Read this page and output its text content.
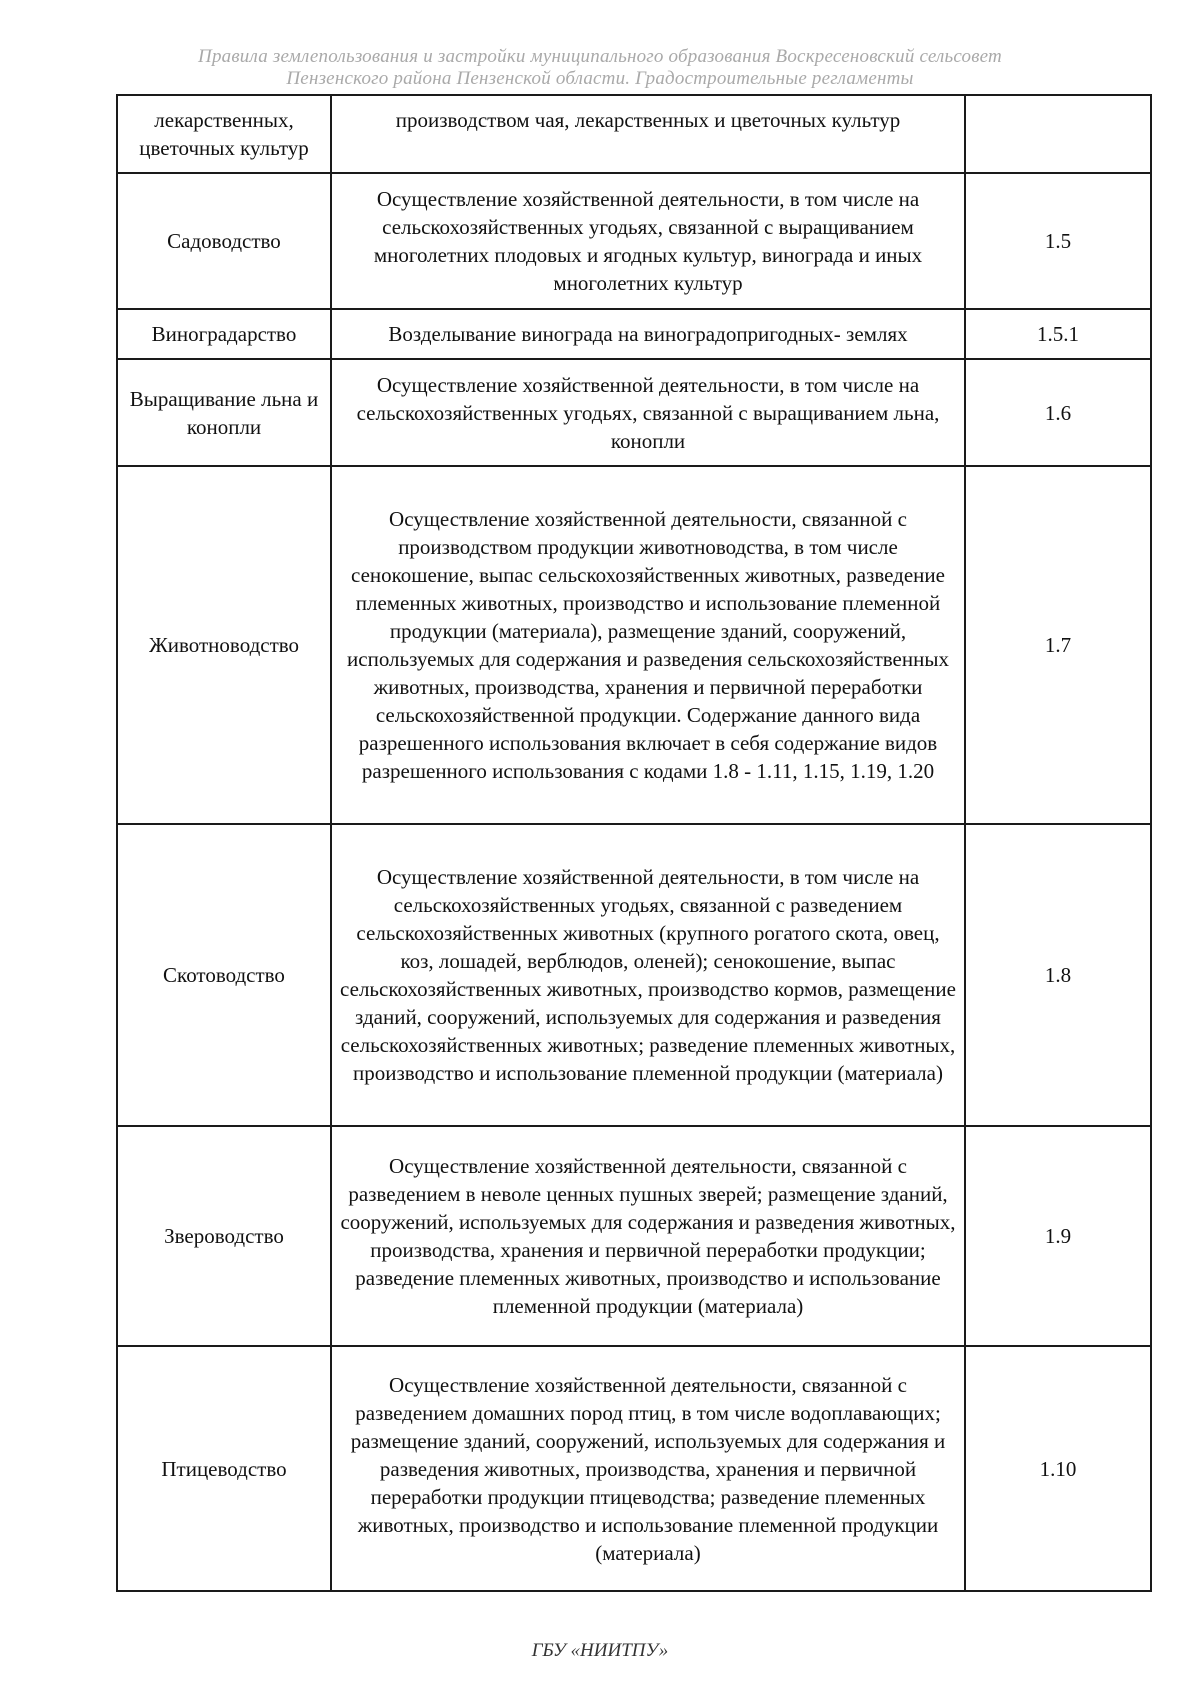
Правила землепользования и застройки муниципального образования Воскресеновский сельсовет
Пензенского района Пензенской области. Градостроительные регламенты
лекарственных, цветочных культур	производством чая, лекарственных и цветочных культур	
Садоводство	Осуществление хозяйственной деятельности, в том числе на сельскохозяйственных угодьях, связанной с выращиванием многолетних плодовых и ягодных культур, винограда и иных многолетних культур	1.5
Виноградарство	Возделывание винограда на виноградопригодных- землях	1.5.1
Выращивание льна и конопли	Осуществление хозяйственной деятельности, в том числе на сельскохозяйственных угодьях, связанной с выращиванием льна, конопли	1.6
Животноводство	Осуществление хозяйственной деятельности, связанной с производством продукции животноводства, в том числе сенокошение, выпас сельскохозяйственных животных, разведение племенных животных, производство и использование племенной продукции (материала), размещение зданий, сооружений, используемых для содержания и разведения сельскохозяйственных животных, производства, хранения и первичной переработки сельскохозяйственной продукции. Содержание данного вида разрешенного использования включает в себя содержание видов разрешенного использования с кодами 1.8 - 1.11, 1.15, 1.19, 1.20	1.7
Скотоводство	Осуществление хозяйственной деятельности, в том числе на сельскохозяйственных угодьях, связанной с разведением сельскохозяйственных животных (крупного рогатого скота, овец, коз, лошадей, верблюдов, оленей); сенокошение, выпас сельскохозяйственных животных, производство кормов, размещение зданий, сооружений, используемых для содержания и разведения сельскохозяйственных животных; разведение племенных животных, производство и использование племенной продукции (материала)	1.8
Звероводство	Осуществление хозяйственной деятельности, связанной с разведением в неволе ценных пушных зверей; размещение зданий, сооружений, используемых для содержания и разведения животных, производства, хранения и первичной переработки продукции; разведение племенных животных, производство и использование племенной продукции (материала)	1.9
Птицеводство	Осуществление хозяйственной деятельности, связанной с разведением домашних пород птиц, в том числе водоплавающих; размещение зданий, сооружений, используемых для содержания и разведения животных, производства, хранения и первичной переработки продукции птицеводства; разведение племенных животных, производство и использование племенной продукции (материала)	1.10
ГБУ «НИИТПУ»
